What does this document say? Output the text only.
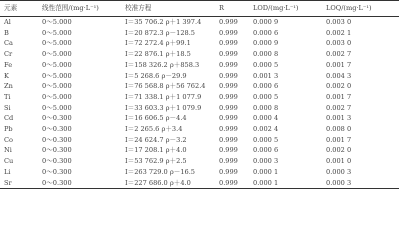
元素	线性范围/(mg·L⁻¹)	校准方程	R	LOD/(mg·L⁻¹)	LOQ/(mg·L⁻¹)
Al	0～5.000	I＝35 706.2 ρ＋1 397.4	0.999	0.000 9	0.003 0
B	0～5.000	I＝20 872.3 ρ－128.5	0.999	0.000 6	0.002 1
Ca	0～5.000	I＝72 272.4 ρ＋99.1	0.999	0.000 9	0.003 0
Cr	0～5.000	I＝22 876.1 ρ＋18.5	0.999	0.000 8	0.002 7
Fe	0～5.000	I＝158 326.2 ρ＋858.3	0.999	0.000 5	0.001 7
K	0～5.000	I＝5 268.6 ρ－29.9	0.999	0.001 3	0.004 3
Zn	0～5.000	I＝76 568.8 ρ＋56 762.4	0.999	0.000 6	0.002 0
Ti	0～5.000	I＝71 338.1 ρ＋1 077.9	0.999	0.000 5	0.001 7
Si	0～5.000	I＝33 603.3 ρ＋1 079.9	0.999	0.000 8	0.002 7
Cd	0～0.300	I＝16 606.5 ρ－4.4	0.999	0.000 4	0.001 3
Pb	0～0.300	I＝2 265.6 ρ＋3.4	0.999	0.002 4	0.008 0
Co	0～0.300	I＝24 624.7 ρ－3.2	0.999	0.000 5	0.001 7
Ni	0～0.300	I＝17 208.1 ρ＋4.0	0.999	0.000 6	0.002 0
Cu	0～0.300	I＝53 762.9 ρ＋2.5	0.999	0.000 3	0.001 0
Li	0～0.300	I＝263 729.0 ρ－16.5	0.999	0.000 1	0.000 3
Sr	0～0.300	I＝227 686.0 ρ＋4.0	0.999	0.000 1	0.000 3
